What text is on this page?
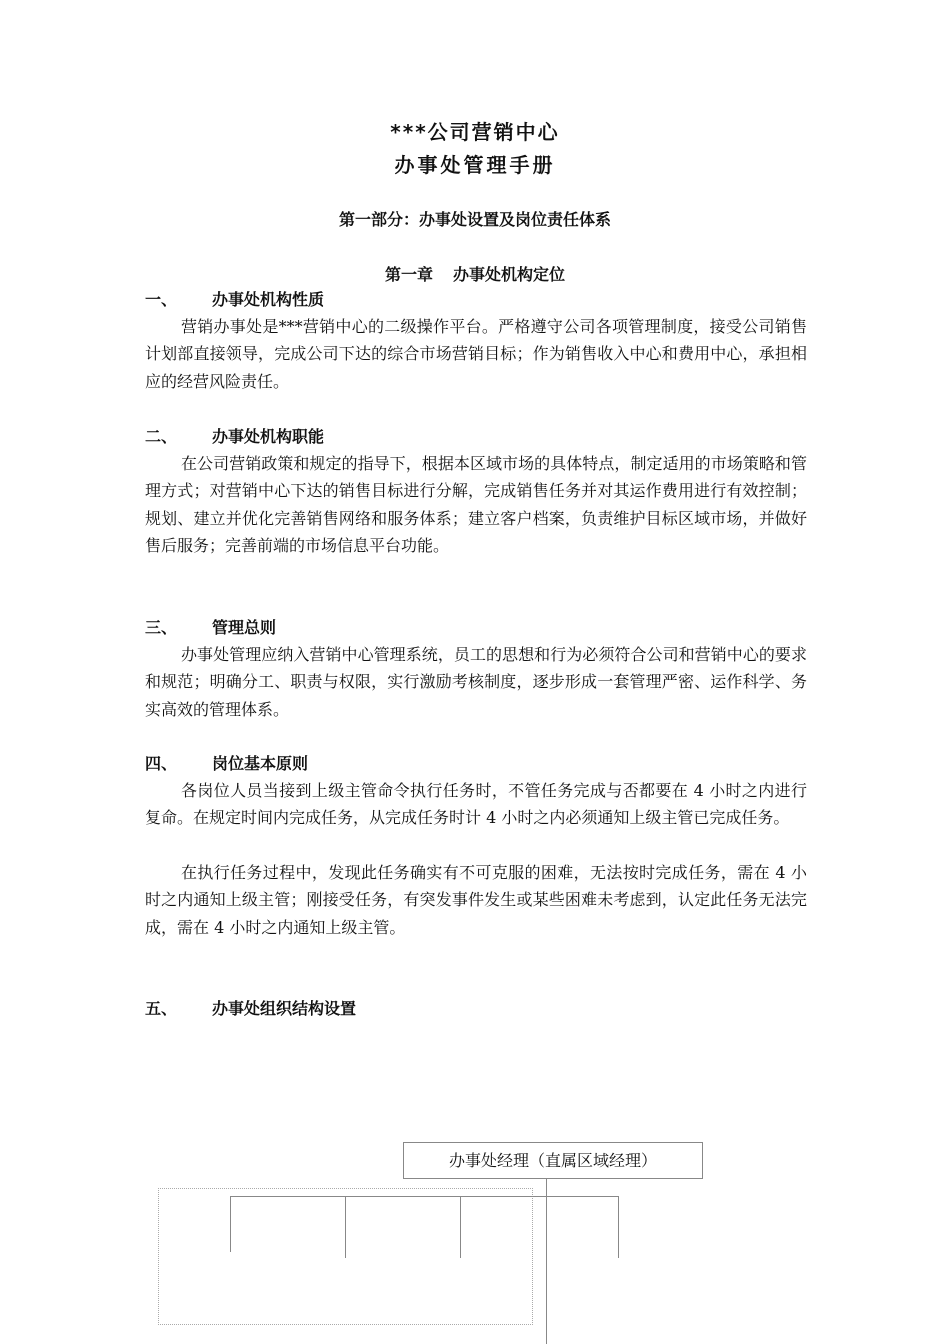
***公司营销中心
办事处管理手册
第一部分：办事处设置及岗位责任体系
第一章 办事处机构定位
一、 办事处机构性质

营销办事处是***营销中心的二级操作平台。严格遵守公司各项管理制度，接受公司销售计划部直接领导，完成公司下达的综合市场营销目标；作为销售收入中心和费用中心，承担相应的经营风险责任。

二、 办事处机构职能

在公司营销政策和规定的指导下，根据本区域市场的具体特点，制定适用的市场策略和管理方式；对营销中心下达的销售目标进行分解，完成销售任务并对其运作费用进行有效控制；规划、建立并优化完善销售网络和服务体系；建立客户档案，负责维护目标区域市场，并做好售后服务；完善前端的市场信息平台功能。

三、 管理总则

办事处管理应纳入营销中心管理系统，员工的思想和行为必须符合公司和营销中心的要求和规范；明确分工、职责与权限，实行激励考核制度，逐步形成一套管理严密、运作科学、务实高效的管理体系。

四、 岗位基本原则

各岗位人员当接到上级主管命令执行任务时，不管任务完成与否都要在 4 小时之内进行复命。在规定时间内完成任务，从完成任务时计 4 小时之内必须通知上级主管已完成任务。

在执行任务过程中，发现此任务确实有不可克服的困难，无法按时完成任务，需在 4 小时之内通知上级主管；刚接受任务，有突发事件发生或某些困难未考虑到，认定此任务无法完成，需在 4 小时之内通知上级主管。

五、 办事处组织结构设置
办事处经理（直属区域经理）
